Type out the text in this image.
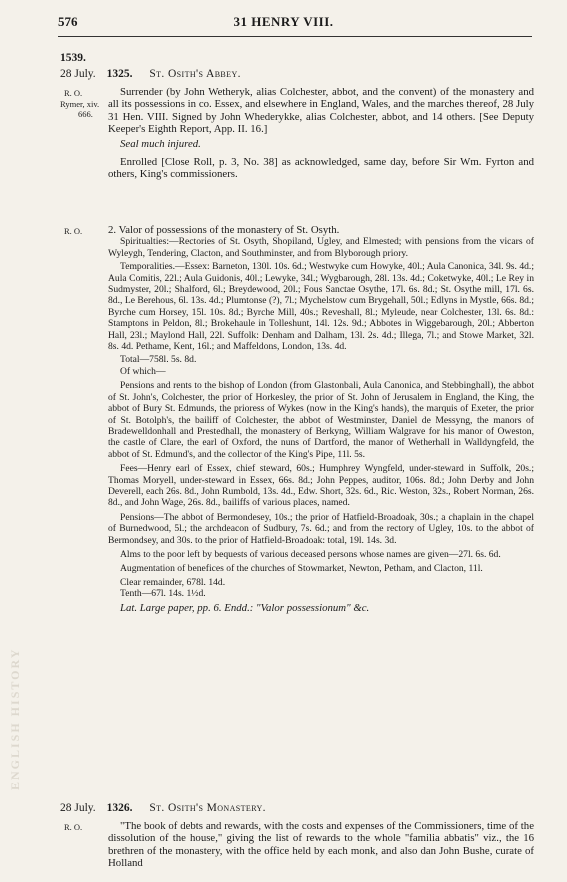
ENGLISH HISTORY
576	31 HENRY VIII.
1539.
28 July. 1325. St. Osith's Abbey.
R. O.
Rymer, xiv.
666.

Surrender (by John Wetheryk, alias Colchester, abbot, and the convent) of the monastery and all its possessions in co. Essex, and elsewhere in England, Wales, and the marches thereof, 28 July 31 Hen. VIII. Signed by John Whederykke, alias Colchester, abbot, and 14 others. [See Deputy Keeper's Eighth Report, App. II. 16.]

Seal much injured.

Enrolled [Close Roll, p. 3, No. 38] as acknowledged, same day, before Sir Wm. Fyrton and others, King's commissioners.

R. O. 2. Valor of possessions of the monastery of St. Osyth.

Spiritualties:—Rectories of St. Osyth, Shopiland, Ugley, and Elmested; with pensions from the vicars of Wyleygh, Tendering, Clacton, and Southminster, and from Blyborough priory.

Temporalities.—Essex: Barneton, 130l. 10s. 6d.; Westwyke cum Howyke, 40l.; Aula Canonica, 34l. 9s. 4d.; Aula Comitis, 22l.; Aula Guidonis, 40l.; Lewyke, 34l.; Wygbarough, 28l. 13s. 4d.; Coketwyke, 40l.; Le Rey in Sudmyster, 20l.; Shalford, 6l.; Breydewood, 20l.; Fous Sanctae Osythe, 17l. 6s. 8d.; St. Osythe mill, 17l. 6s. 8d., Le Berehous, 6l. 13s. 4d.; Plumtonse (?), 7l.; Mychelstow cum Brygehall, 50l.; Edlyns in Mystle, 66s. 8d.; Byrche cum Horsey, 15l. 10s. 8d.; Byrche Mill, 40s.; Reveshall, 8l.; Myleude, near Colchester, 13l. 6s. 8d.: Stamptons in Peldon, 8l.; Brokehaule in Tolleshunt, 14l. 12s. 9d.; Abbotes in Wiggebarough, 20l.; Abberton Hall, 23l.; Maylond Hall, 22l. Suffolk: Denham and Dalham, 13l. 2s. 4d.; Illega, 7l.; and Stowe Market, 32l. 8s. 4d. Pethame, Kent, 16l.; and Maffeldons, London, 13s. 4d.

Total—758l. 5s. 8d.

Of which—

Pensions and rents to the bishop of London (from Glastonbali, Aula Canonica, and Stebbinghall), the abbot of St. John's, Colchester, the prior of Horkesley, the prior of St. John of Jerusalem in England, the King, the abbot of Bury St. Edmunds, the prioress of Wykes (now in the King's hands), the marquis of Exeter, the prior of St. Botolph's, the bailiff of Colchester, the abbot of Westminster, Daniel de Messyng, the manors of Bradewelldonhall and Prestedhall, the monastery of Berkyng, William Walgrave for his manor of Oweston, the castle of Clare, the earl of Oxford, the nuns of Dartford, the manor of Wetherhall in Walldyngfeld, the abbot of St. Edmund's, and the collector of the King's Pipe, 11l. 5s.

Fees—Henry earl of Essex, chief steward, 60s.; Humphrey Wyngfeld, under-steward in Suffolk, 20s.; Thomas Moryell, under-steward in Essex, 66s. 8d.; John Peppes, auditor, 106s. 8d.; John Derby and John Deverell, each 26s. 8d., John Rumbold, 13s. 4d., Edw. Short, 32s. 6d., Ric. Weston, 32s., Robert Norman, 26s. 8d., and John Wage, 26s. 8d., bailiffs of various places, named.

Pensions—The abbot of Bermondesey, 10s.; the prior of Hatfield-Broadoak, 30s.; a chaplain in the chapel of Burnedwood, 5l.; the archdeacon of Sudbury, 7s. 6d.; and from the rectory of Ugley, 10s. to the abbot of Bermondsey, and 30s. to the prior of Hatfield-Broadoak: total, 19l. 14s. 3d.

Alms to the poor left by bequests of various deceased persons whose names are given—27l. 6s. 6d.

Augmentation of benefices of the churches of Stowmarket, Newton, Petham, and Clacton, 11l.

Clear remainder, 678l. 14d.

Tenth—67l. 14s. 1½d.

Lat. Large paper, pp. 6. Endd.: "Valor possessionum" &c.

28 July. 1326. St. Osith's Monastery.
R. O.	"The book of debts and rewards, with the costs and expenses of the Commissioners, time of the dissolution of the house," giving the list of rewards to the whole "familia abbatis" viz., the 16 brethren of the monastery, with the office held by each monk, and also dan John Bushe, curate of Holland
